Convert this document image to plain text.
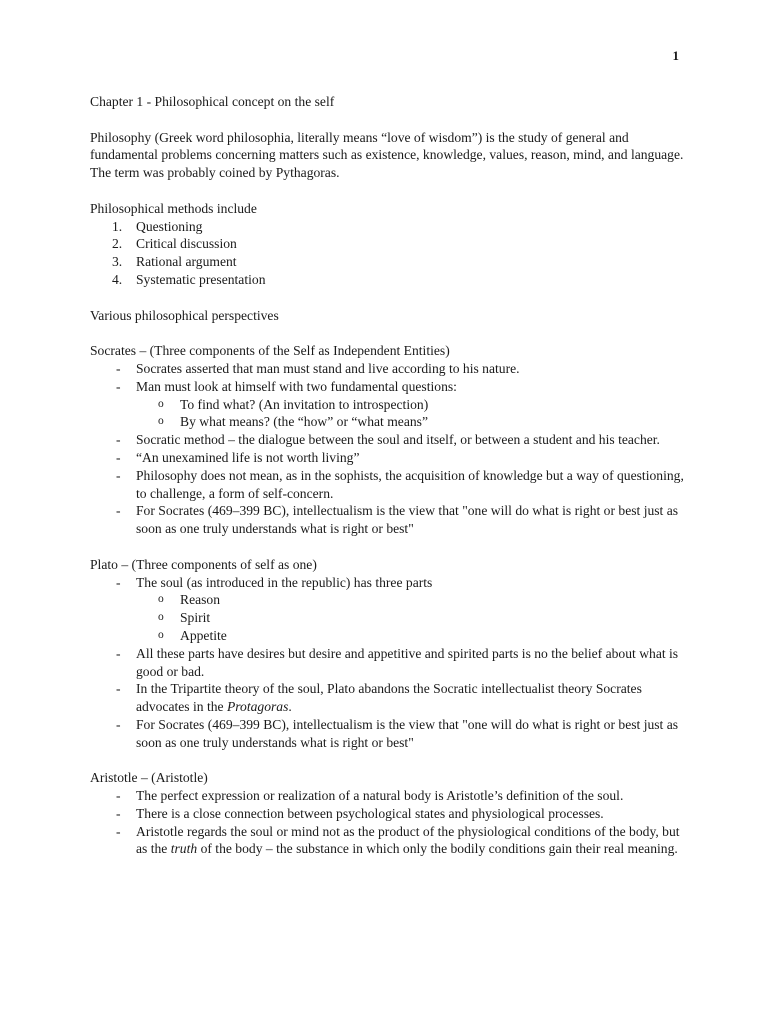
1

Chapter 1 - Philosophical concept on the self

Philosophy (Greek word philosophia, literally means “love of wisdom”) is the study of general and fundamental problems concerning matters such as existence, knowledge, values, reason, mind, and language. The term was probably coined by Pythagoras.

Philosophical methods include

1. Questioning
2. Critical discussion
3. Rational argument
4. Systematic presentation

Various philosophical perspectives

Socrates – (Three components of the Self as Independent Entities)

- Socrates asserted that man must stand and live according to his nature.
- Man must look at himself with two fundamental questions:
o To find what? (An invitation to introspection)
o By what means? (the “how” or “what means”
- Socratic method – the dialogue between the soul and itself, or between a student and his teacher.
- “An unexamined life is not worth living”
- Philosophy does not mean, as in the sophists, the acquisition of knowledge but a way of questioning, to challenge, a form of self-concern.
- For Socrates (469–399 BC), intellectualism is the view that "one will do what is right or best just as soon as one truly understands what is right or best"

Plato – (Three components of self as one)

- The soul (as introduced in the republic) has three parts
o Reason
o Spirit
o Appetite
- All these parts have desires but desire and appetitive and spirited parts is no the belief about what is good or bad.
- In the Tripartite theory of the soul, Plato abandons the Socratic intellectualist theory Socrates advocates in the Protagoras.
- For Socrates (469–399 BC), intellectualism is the view that "one will do what is right or best just as soon as one truly understands what is right or best"

Aristotle – (Aristotle)

- The perfect expression or realization of a natural body is Aristotle’s definition of the soul.
- There is a close connection between psychological states and physiological processes.
- Aristotle regards the soul or mind not as the product of the physiological conditions of the body, but as the truth of the body – the substance in which only the bodily conditions gain their real meaning.
